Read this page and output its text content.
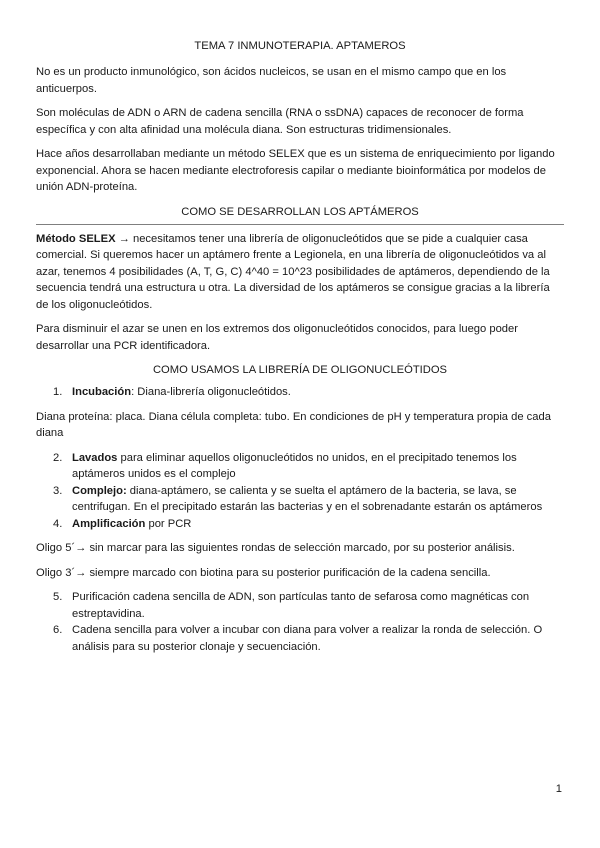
TEMA 7 INMUNOTERAPIA. APTAMEROS

No es un producto inmunológico, son ácidos nucleicos, se usan en el mismo campo que en los anticuerpos.

Son moléculas de ADN o ARN de cadena sencilla (RNA o ssDNA) capaces de reconocer de forma específica y con alta afinidad una molécula diana. Son estructuras tridimensionales.

Hace años desarrollaban mediante un método SELEX que es un sistema de enriquecimiento por ligando exponencial. Ahora se hacen mediante electroforesis capilar o mediante bioinformática por modelos de unión ADN-proteína.

COMO SE DESARROLLAN LOS APTÁMEROS

Método SELEX → necesitamos tener una librería de oligonucleótidos que se pide a cualquier casa comercial. Si queremos hacer un aptámero frente a Legionela, en una librería de oligonucleótidos va al azar, tenemos 4 posibilidades (A, T, G, C) 4^40 = 10^23 posibilidades de aptámeros, dependiendo de la secuencia tendrá una estructura u otra. La diversidad de los aptámeros se consigue gracias a la librería de los oligonucleótidos.

Para disminuir el azar se unen en los extremos dos oligonucleótidos conocidos, para luego poder desarrollar una PCR identificadora.

COMO USAMOS LA LIBRERÍA DE OLIGONUCLEÓTIDOS

1. Incubación: Diana-librería oligonucleótidos.

Diana proteína: placa. Diana célula completa: tubo. En condiciones de pH y temperatura propia de cada diana

2. Lavados para eliminar aquellos oligonucleótidos no unidos, en el precipitado tenemos los aptámeros unidos es el complejo
3. Complejo: diana-aptámero, se calienta y se suelta el aptámero de la bacteria, se lava, se centrifugan. En el precipitado estarán las bacterias y en el sobrenadante estarán os aptámeros
4. Amplificación por PCR

Oligo 5´→ sin marcar para las siguientes rondas de selección marcado, por su posterior análisis.

Oligo 3´→ siempre marcado con biotina para su posterior purificación de la cadena sencilla.

5. Purificación cadena sencilla de ADN, son partículas tanto de sefarosa como magnéticas con estreptavidina.
6. Cadena sencilla para volver a incubar con diana para volver a realizar la ronda de selección. O análisis para su posterior clonaje y secuenciación.
1
